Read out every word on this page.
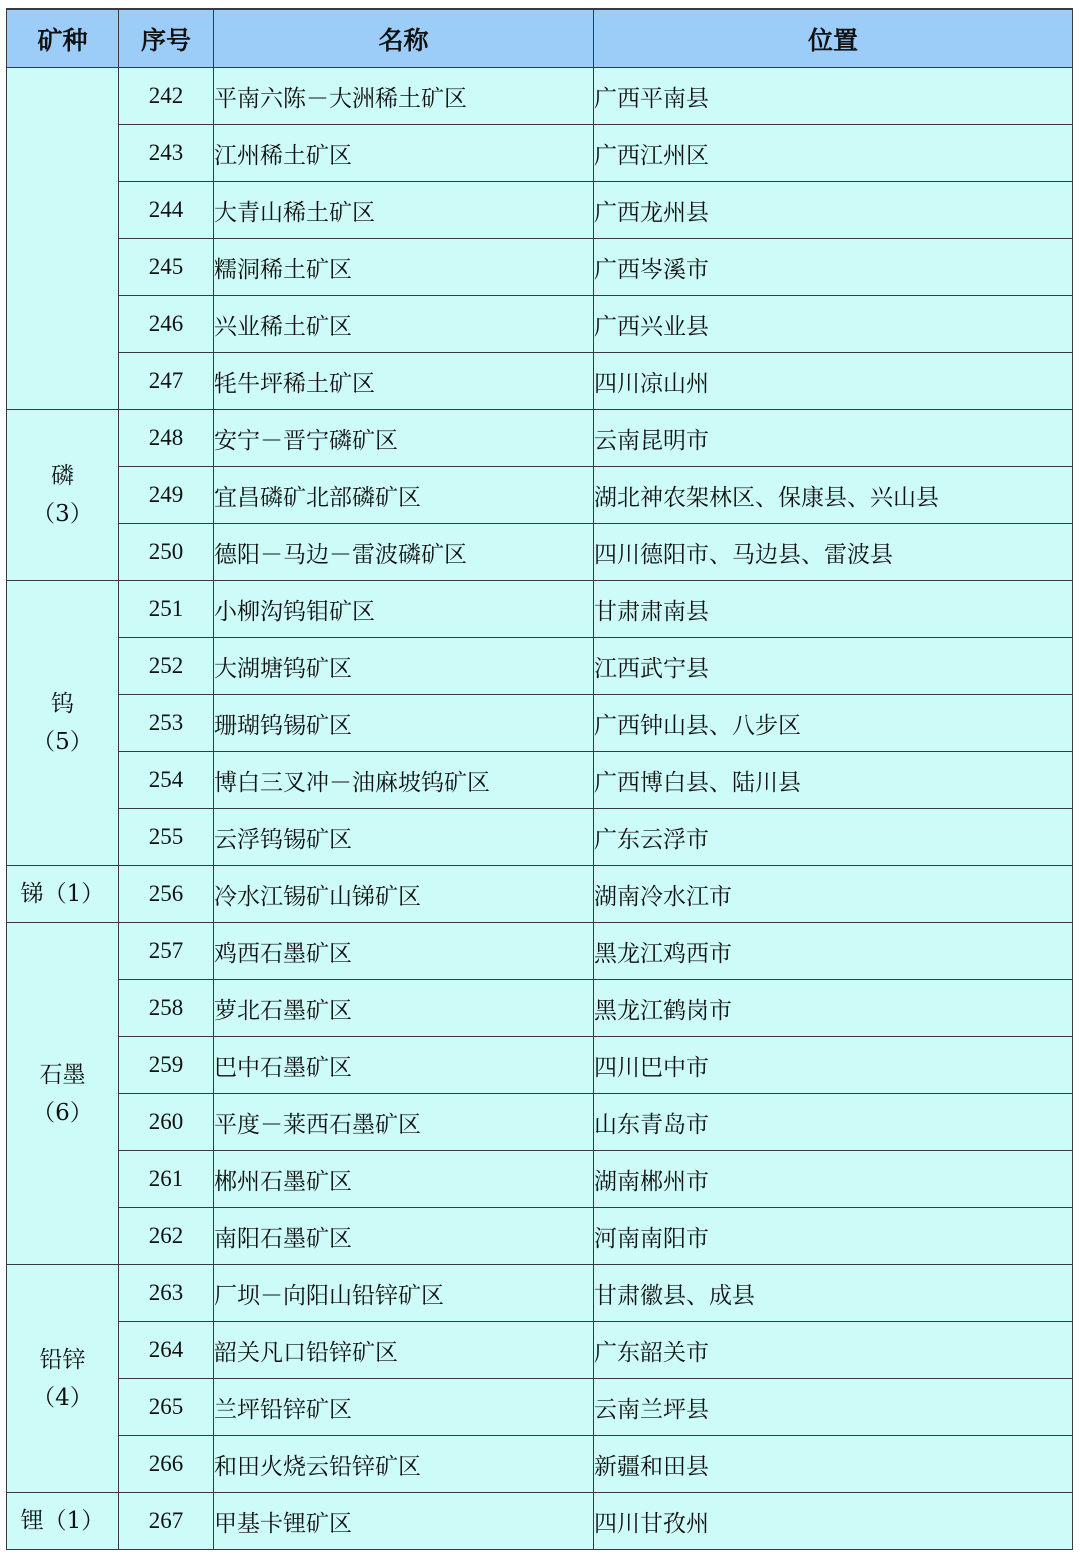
矿种	序号	名称	位置

	242	平南六陈－大洲稀土矿区	广西平南县
	243	江州稀土矿区	广西江州区
	244	大青山稀土矿区	广西龙州县
	245	糯洞稀土矿区	广西岑溪市
	246	兴业稀土矿区	广西兴业县
	247	牦牛坪稀土矿区	四川凉山州

磷
（3）	248	安宁－晋宁磷矿区	云南昆明市
	249	宜昌磷矿北部磷矿区	湖北神农架林区、保康县、兴山县
	250	德阳－马边－雷波磷矿区	四川德阳市、马边县、雷波县

钨
（5）	251	小柳沟钨钼矿区	甘肃肃南县
	252	大湖塘钨矿区	江西武宁县
	253	珊瑚钨锡矿区	广西钟山县、八步区
	254	博白三叉冲－油麻坡钨矿区	广西博白县、陆川县
	255	云浮钨锡矿区	广东云浮市
锑（1）	256	冷水江锡矿山锑矿区	湖南冷水江市

石墨
（6）	257	鸡西石墨矿区	黑龙江鸡西市
	258	萝北石墨矿区	黑龙江鹤岗市
	259	巴中石墨矿区	四川巴中市
	260	平度－莱西石墨矿区	山东青岛市
	261	郴州石墨矿区	湖南郴州市
	262	南阳石墨矿区	河南南阳市

铅锌
（4）	263	厂坝－向阳山铅锌矿区	甘肃徽县、成县
	264	韶关凡口铅锌矿区	广东韶关市
	265	兰坪铅锌矿区	云南兰坪县
	266	和田火烧云铅锌矿区	新疆和田县
锂（1）	267	甲基卡锂矿区	四川甘孜州
